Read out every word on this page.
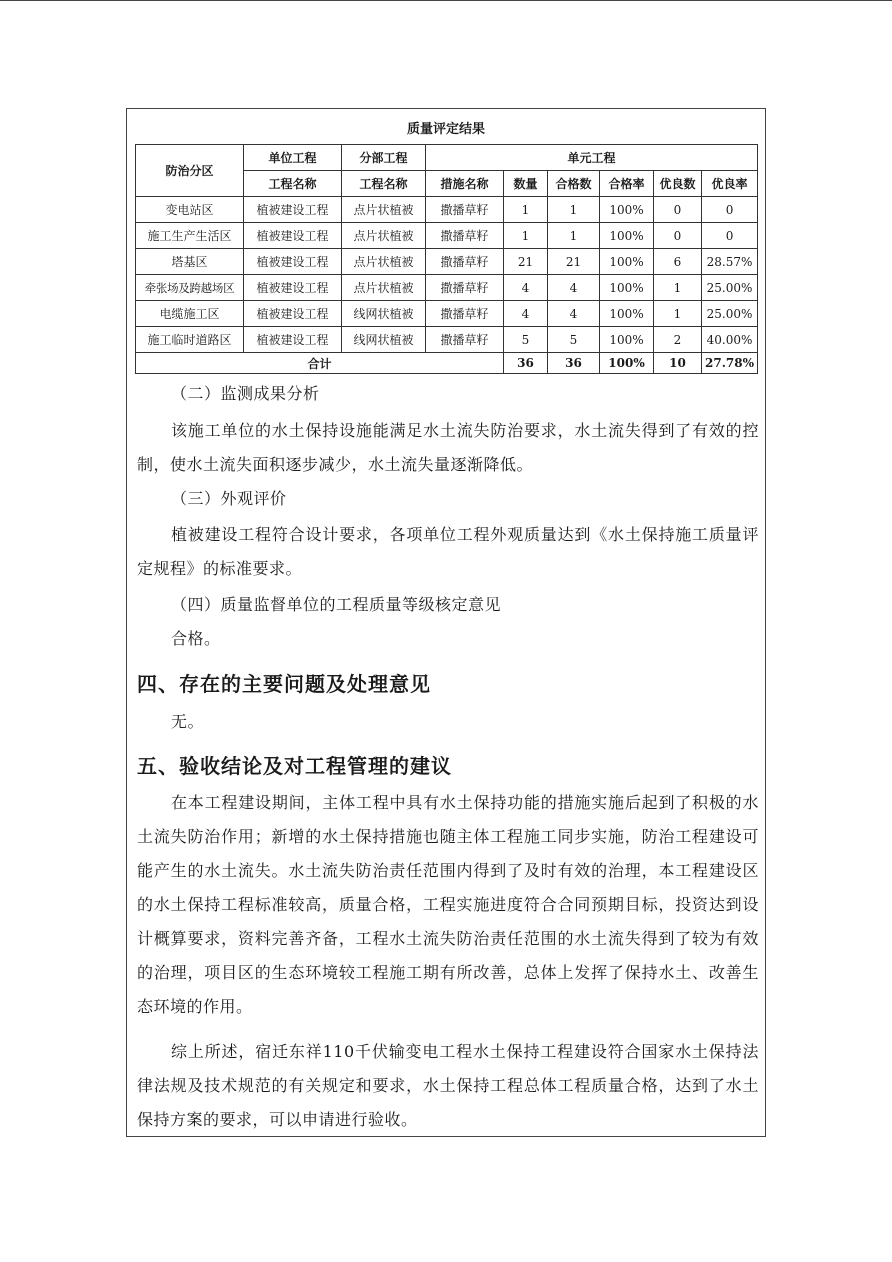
质量评定结果
防治分区	单位工程	分部工程	单元工程					
	工程名称	工程名称	措施名称	数量	合格数	合格率	优良数	优良率
变电站区	植被建设工程	点片状植被	撒播草籽	1	1	100%	0	0
施工生产生活区	植被建设工程	点片状植被	撒播草籽	1	1	100%	0	0
塔基区	植被建设工程	点片状植被	撒播草籽	21	21	100%	6	28.57%
牵张场及跨越场区	植被建设工程	点片状植被	撒播草籽	4	4	100%	1	25.00%
电缆施工区	植被建设工程	线网状植被	撒播草籽	4	4	100%	1	25.00%
施工临时道路区	植被建设工程	线网状植被	撒播草籽	5	5	100%	2	40.00%
合计				36	36	100%	10	27.78%

（二）监测成果分析

该施工单位的水土保持设施能满足水土流失防治要求，水土流失得到了有效的控制，使水土流失面积逐步减少，水土流失量逐渐降低。

（三）外观评价

植被建设工程符合设计要求，各项单位工程外观质量达到《水土保持施工质量评定规程》的标准要求。

（四）质量监督单位的工程质量等级核定意见

合格。

四、存在的主要问题及处理意见

无。

五、验收结论及对工程管理的建议

在本工程建设期间，主体工程中具有水土保持功能的措施实施后起到了积极的水土流失防治作用；新增的水土保持措施也随主体工程施工同步实施，防治工程建设可能产生的水土流失。水土流失防治责任范围内得到了及时有效的治理，本工程建设区的水土保持工程标准较高，质量合格，工程实施进度符合合同预期目标，投资达到设计概算要求，资料完善齐备，工程水土流失防治责任范围的水土流失得到了较为有效的治理，项目区的生态环境较工程施工期有所改善，总体上发挥了保持水土、改善生态环境的作用。

综上所述，宿迁东祥110千伏输变电工程水土保持工程建设符合国家水土保持法律法规及技术规范的有关规定和要求，水土保持工程总体工程质量合格，达到了水土保持方案的要求，可以申请进行验收。
